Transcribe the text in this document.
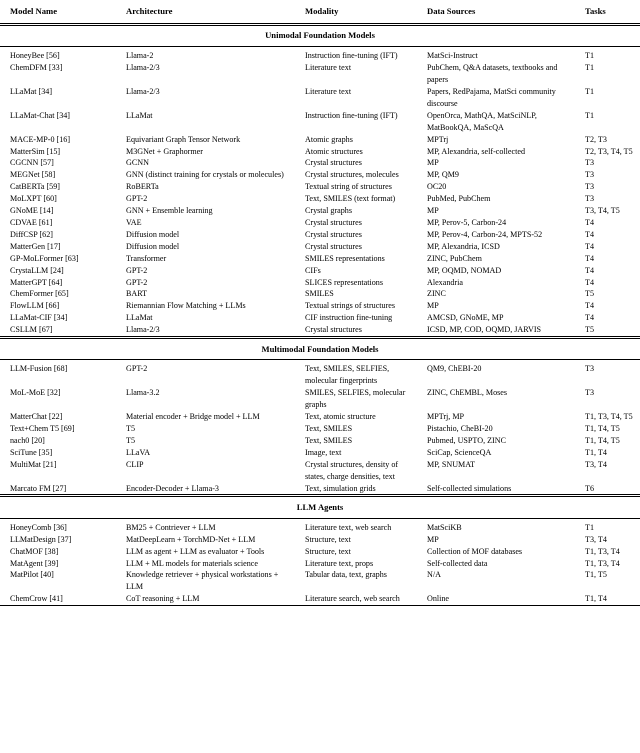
Model Name	Architecture	Modality	Data Sources	Tasks

Unimodal Foundation Models				

HoneyBee [56]	Llama-2	Instruction fine-tuning (IFT)	MatSci-Instruct	T1
ChemDFM [33]	Llama-2/3	Literature text	PubChem, Q&A datasets, textbooks and papers	T1
LLaMat [34]	Llama-2/3	Literature text	Papers, RedPajama, MatSci community discourse	T1
LLaMat-Chat [34]	LLaMat	Instruction fine-tuning (IFT)	OpenOrca, MathQA, MatSciNLP, MatBookQA, MaScQA	T1
MACE-MP-0 [16]	Equivariant Graph Tensor Network	Atomic graphs	MPTrj	T2, T3
MatterSim [15]	M3GNet + Graphormer	Atomic structures	MP, Alexandria, self-collected	T2, T3, T4, T5
CGCNN [57]	GCNN	Crystal structures	MP	T3
MEGNet [58]	GNN (distinct training for crystals or molecules)	Crystal structures, molecules	MP, QM9	T3
CatBERTa [59]	RoBERTa	Textual string of structures	OC20	T3
MoLXPT [60]	GPT-2	Text, SMILES (text format)	PubMed, PubChem	T3
GNoME [14]	GNN + Ensemble learning	Crystal graphs	MP	T3, T4, T5
CDVAE [61]	VAE	Crystal structures	MP, Perov-5, Carbon-24	T4
DiffCSP [62]	Diffusion model	Crystal structures	MP, Perov-4, Carbon-24, MPTS-52	T4
MatterGen [17]	Diffusion model	Crystal structures	MP, Alexandria, ICSD	T4
GP-MoLFormer [63]	Transformer	SMILES representations	ZINC, PubChem	T4
CrystaLLM [24]	GPT-2	CIFs	MP, OQMD, NOMAD	T4
MatterGPT [64]	GPT-2	SLICES representations	Alexandria	T4
ChemFormer [65]	BART	SMILES	ZINC	T5
FlowLLM [66]	Riemannian Flow Matching + LLMs	Textual strings of structures	MP	T4
LLaMat-CIF [34]	LLaMat	CIF instruction fine-tuning	AMCSD, GNoME, MP	T4
CSLLM [67]	Llama-2/3	Crystal structures	ICSD, MP, COD, OQMD, JARVIS	T5

Multimodal Foundation Models				

LLM-Fusion [68]	GPT-2	Text, SMILES, SELFIES, molecular fingerprints	QM9, ChEBI-20	T3
MoL-MoE [32]	Llama-3.2	SMILES, SELFIES, molecular graphs	ZINC, ChEMBL, Moses	T3
MatterChat [22]	Material encoder + Bridge model + LLM	Text, atomic structure	MPTrj, MP	T1, T3, T4, T5
Text+Chem T5 [69]	T5	Text, SMILES	Pistachio, CheBI-20	T1, T4, T5
nach0 [20]	T5	Text, SMILES	Pubmed, USPTO, ZINC	T1, T4, T5
SciTune [35]	LLaVA	Image, text	SciCap, ScienceQA	T1, T4
MultiMat [21]	CLIP	Crystal structures, density of states, charge densities, text	MP, SNUMAT	T3, T4
Marcato FM [27]	Encoder-Decoder + Llama-3	Text, simulation grids	Self-collected simulations	T6

LLM Agents				

HoneyComb [36]	BM25 + Contriever + LLM	Literature text, web search	MatSciKB	T1
LLMatDesign [37]	MatDeepLearn + TorchMD-Net + LLM	Structure, text	MP	T3, T4
ChatMOF [38]	LLM as agent + LLM as evaluator + Tools	Structure, text	Collection of MOF databases	T1, T3, T4
MatAgent [39]	LLM + ML models for materials science	Literature text, props	Self-collected data	T1, T3, T4
MatPilot [40]	Knowledge retriever + physical workstations + LLM	Tabular data, text, graphs	N/A	T1, T5
ChemCrow [41]	CoT reasoning + LLM	Literature search, web search	Online	T1, T4
